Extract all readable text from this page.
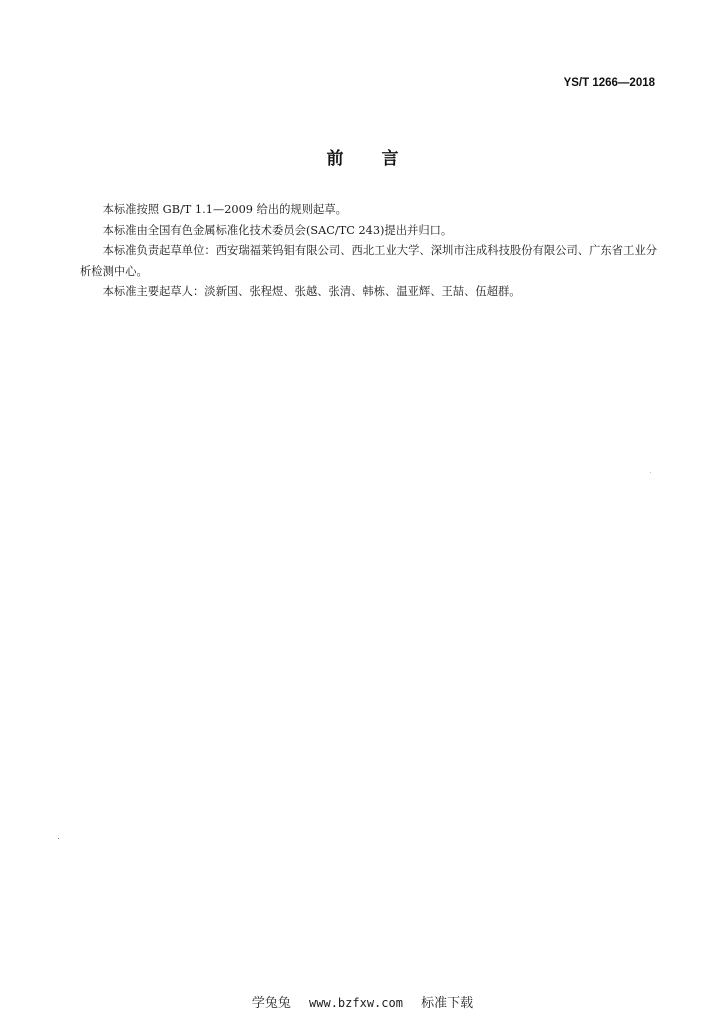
YS/T 1266—2018
前言

本标准按照 GB/T 1.1—2009 给出的规则起草。

本标准由全国有色金属标准化技术委员会(SAC/TC 243)提出并归口。

本标准负责起草单位：西安瑞福莱钨钼有限公司、西北工业大学、深圳市注成科技股份有限公司、广东省工业分析检测中心。

本标准主要起草人：淡新国、张程煜、张越、张清、韩栋、温亚辉、王喆、伍超群。

学兔兔 www.bzfxw.com 标准下载
